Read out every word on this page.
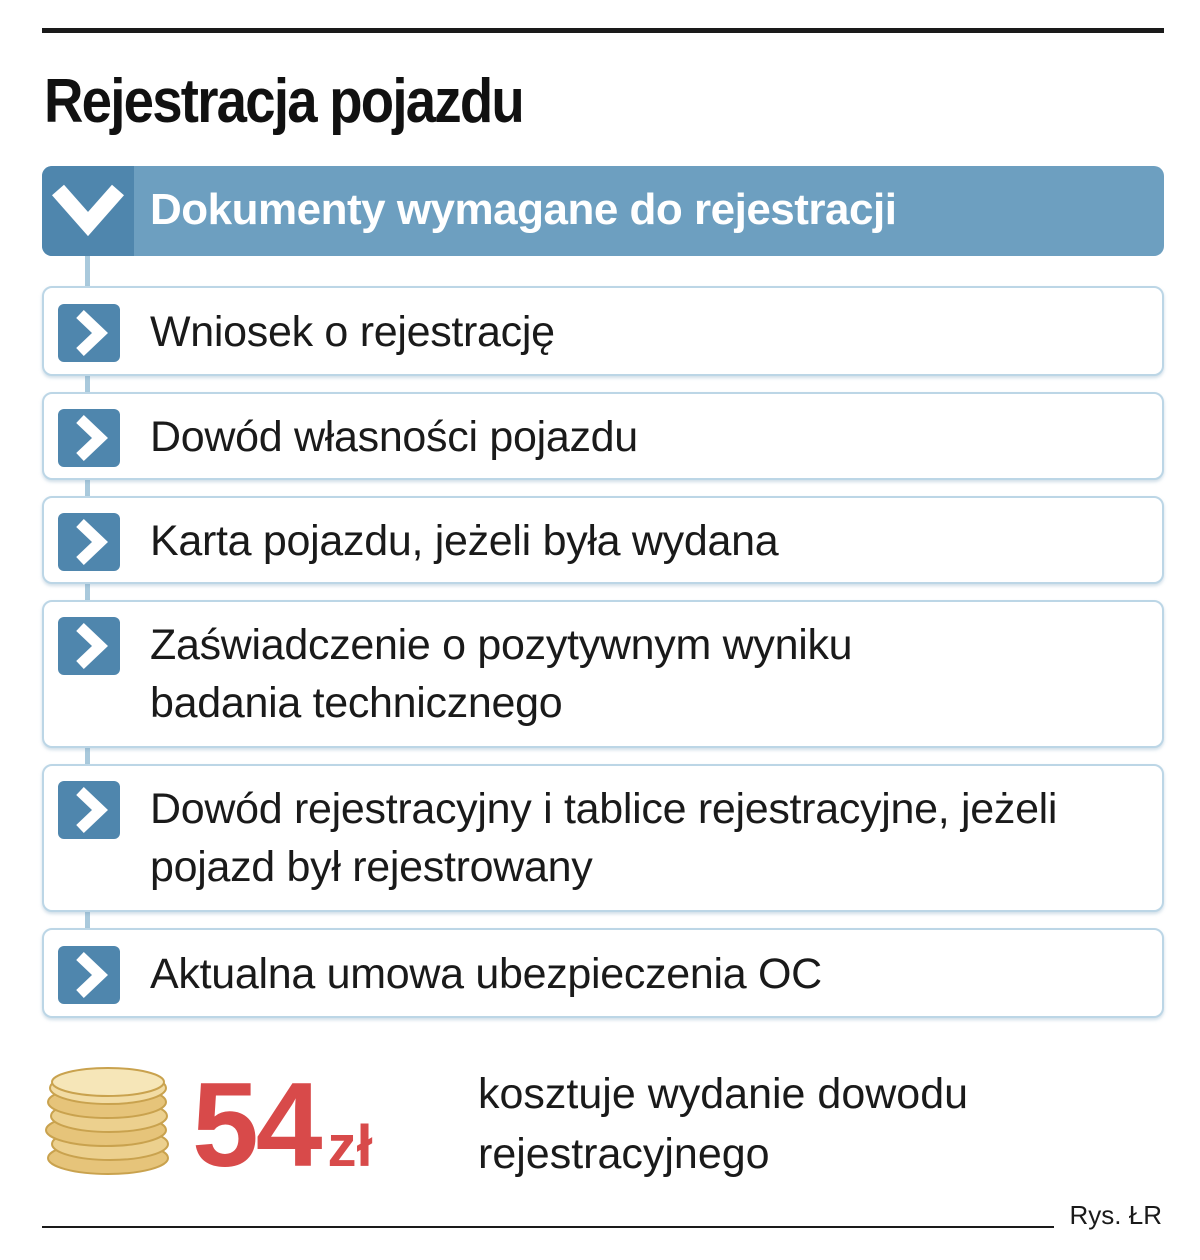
Rejestracja pojazdu
Dokumenty wymagane do rejestracji
Wniosek o rejestrację
Dowód własności pojazdu
Karta pojazdu, jeżeli była wydana
Zaświadczenie o pozytywnym wyniku badania technicznego
Dowód rejestracyjny i tablice rejestracyjne, jeżeli pojazd był rejestrowany
Aktualna umowa ubezpieczenia OC
54 zł
kosztuje wydanie dowodu rejestracyjnego
Rys. ŁR
